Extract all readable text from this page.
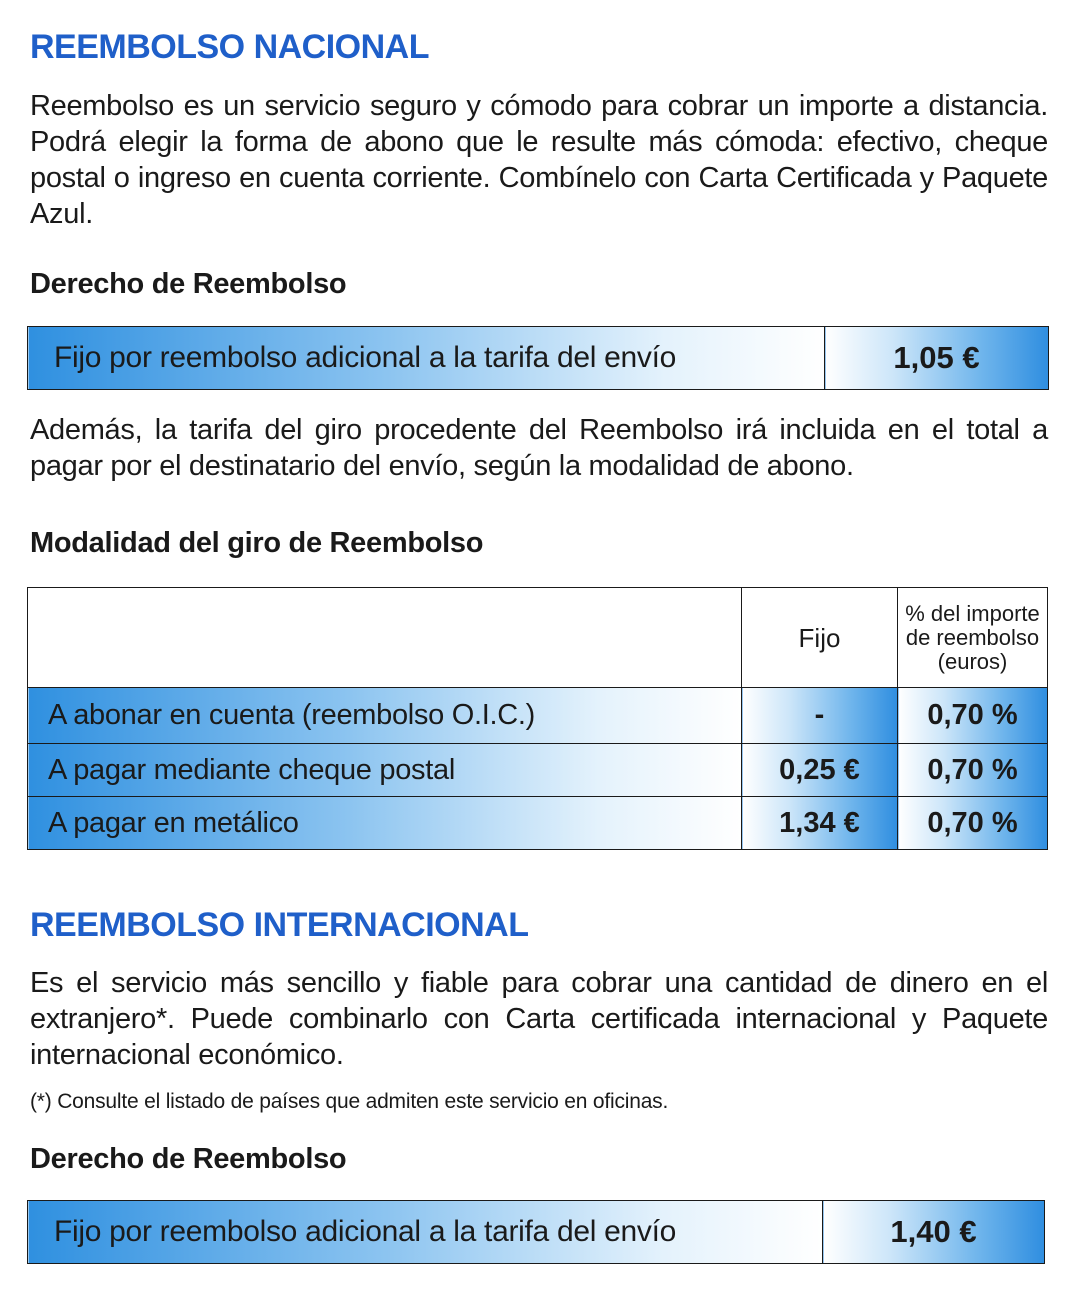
REEMBOLSO NACIONAL
Reembolso es un servicio seguro y cómodo para cobrar un importe a distancia. Podrá elegir la forma de abono que le resulte más cómoda: efectivo, cheque postal o ingreso en cuenta corriente. Combínelo con Carta Certificada y Paquete Azul.
Derecho de Reembolso
Fijo por reembolso adicional a la tarifa del envío	1,05 €
Además, la tarifa del giro procedente del Reembolso irá incluida en el total a pagar por el destinatario del envío, según la modalidad de abono.
Modalidad del giro de Reembolso
	Fijo	% del importe
de reembolso
(euros)

A abonar en cuenta (reembolso O.I.C.)	-	0,70 %
A pagar mediante cheque postal	0,25 €	0,70 %
A pagar en metálico	1,34 €	0,70 %
REEMBOLSO INTERNACIONAL
Es el servicio más sencillo y fiable para cobrar una cantidad de dinero en el extranjero*. Puede combinarlo con Carta certificada internacional y Paquete internacional económico.
(*) Consulte el listado de países que admiten este servicio en oficinas.
Derecho de Reembolso
Fijo por reembolso adicional a la tarifa del envío	1,40 €
